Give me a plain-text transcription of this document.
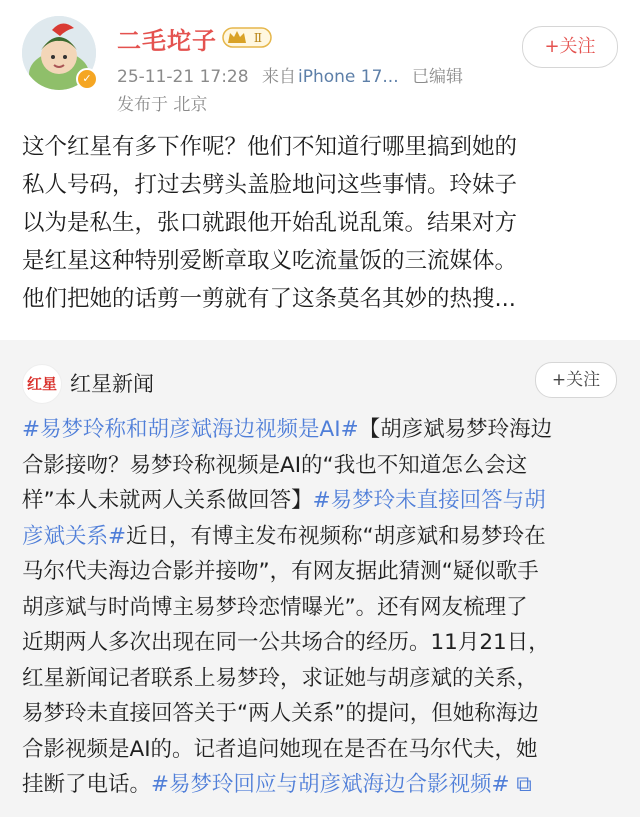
✓
二毛坨子	Ⅱ
25-11-21 17:28 来自 iPhone 17... 已编辑
发布于 北京
+关注

这个红星有多下作呢？他们不知道行哪里搞到她的

私人号码，打过去劈头盖脸地问这些事情。玲妹子

以为是私生，张口就跟他开始乱说乱策。结果对方

是红星这种特别爱断章取义吃流量饭的三流媒体。

他们把她的话剪一剪就有了这条莫名其妙的热搜...

红星 红星新闻	+关注

#易梦玲称和胡彦斌海边视频是AI#【胡彦斌易梦玲海边

合影接吻？易梦玲称视频是AI的“我也不知道怎么会这

样”本人未就两人关系做回答】#易梦玲未直接回答与胡

彦斌关系#近日，有博主发布视频称“胡彦斌和易梦玲在

马尔代夫海边合影并接吻”，有网友据此猜测“疑似歌手

胡彦斌与时尚博主易梦玲恋情曝光”。还有网友梳理了

近期两人多次出现在同一公共场合的经历。11月21日，

红星新闻记者联系上易梦玲，求证她与胡彦斌的关系，

易梦玲未直接回答关于“两人关系”的提问，但她称海边

合影视频是AI的。记者追问她现在是否在马尔代夫，她

挂断了电话。#易梦玲回应与胡彦斌海边合影视频# ⧉
